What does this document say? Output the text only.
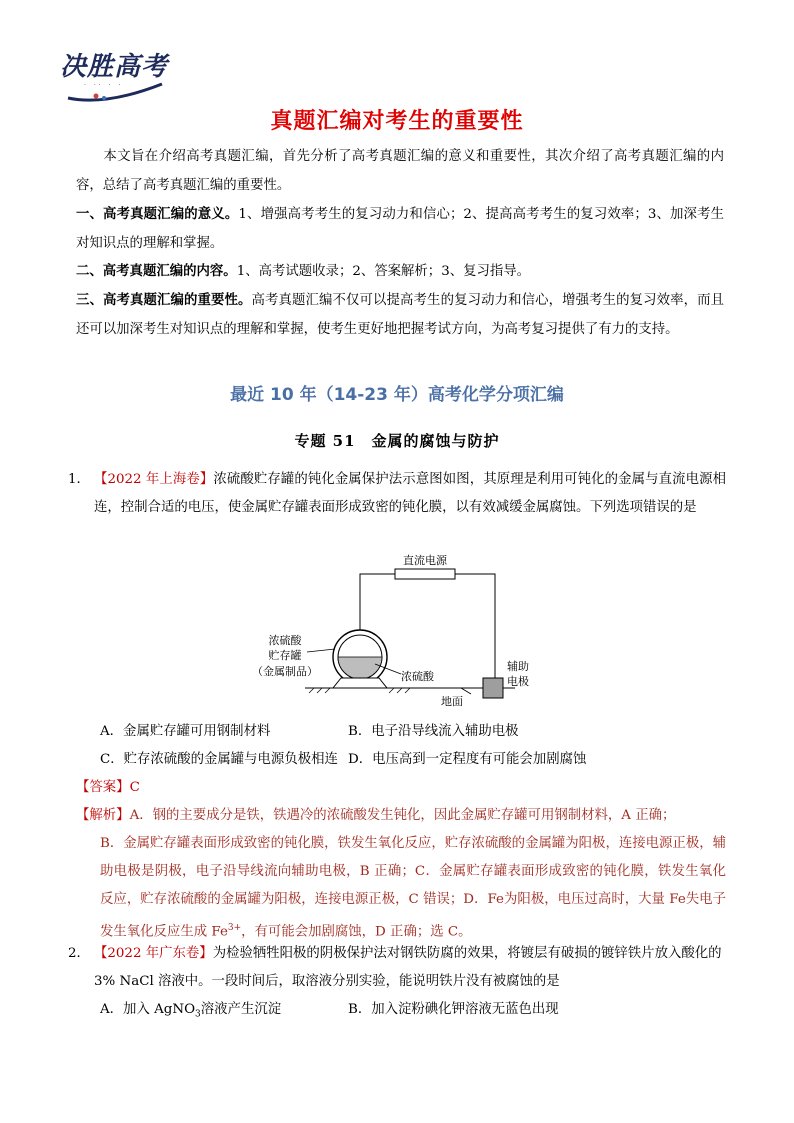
决胜高考
· ·· · ·
真题汇编对考生的重要性
本文旨在介绍高考真题汇编，首先分析了高考真题汇编的意义和重要性，其次介绍了高考真题汇编的内容，总结了高考真题汇编的重要性。
一、高考真题汇编的意义。1、增强高考考生的复习动力和信心；2、提高高考考生的复习效率；3、加深考生对知识点的理解和掌握。
二、高考真题汇编的内容。1、高考试题收录；2、答案解析；3、复习指导。
三、高考真题汇编的重要性。高考真题汇编不仅可以提高考生的复习动力和信心，增强考生的复习效率，而且还可以加深考生对知识点的理解和掌握，使考生更好地把握考试方向，为高考复习提供了有力的支持。
最近 10 年（14-23 年）高考化学分项汇编
专题 51　金属的腐蚀与防护
1． 【2022 年上海卷】浓硫酸贮存罐的钝化金属保护法示意图如图，其原理是利用可钝化的金属与直流电源相连，控制合适的电压，使金属贮存罐表面形成致密的钝化膜，以有效减缓金属腐蚀。下列选项错误的是
直流电源
浓硫酸
贮存罐
（金属制品）	浓硫酸
辅助
电极
地面
A．金属贮存罐可用钢制材料	B．电子沿导线流入辅助电极
C．贮存浓硫酸的金属罐与电源负极相连 D．电压高到一定程度有可能会加剧腐蚀
【答案】C
【解析】A．钢的主要成分是铁，铁遇冷的浓硫酸发生钝化，因此金属贮存罐可用钢制材料，A 正确；
B．金属贮存罐表面形成致密的钝化膜，铁发生氧化反应，贮存浓硫酸的金属罐为阳极，连接电源正极，辅助电极是阴极，电子沿导线流向辅助电极，B 正确；C．金属贮存罐表面形成致密的钝化膜，铁发生氧化反应，贮存浓硫酸的金属罐为阳极，连接电源正极，C 错误；D．Fe为阳极，电压过高时，大量 Fe失电子发生氧化反应生成 $Fe^{3+}$，有可能会加剧腐蚀，D 正确；选 C。
2． 【2022 年广东卷】为检验牺牲阳极的阴极保护法对钢铁防腐的效果，将镀层有破损的镀锌铁片放入酸化的
3% NaCl 溶液中。一段时间后，取溶液分别实验，能说明铁片没有被腐蚀的是
A．加入 AgNO$_3$溶液产生沉淀	B．加入淀粉碘化钾溶液无蓝色出现
